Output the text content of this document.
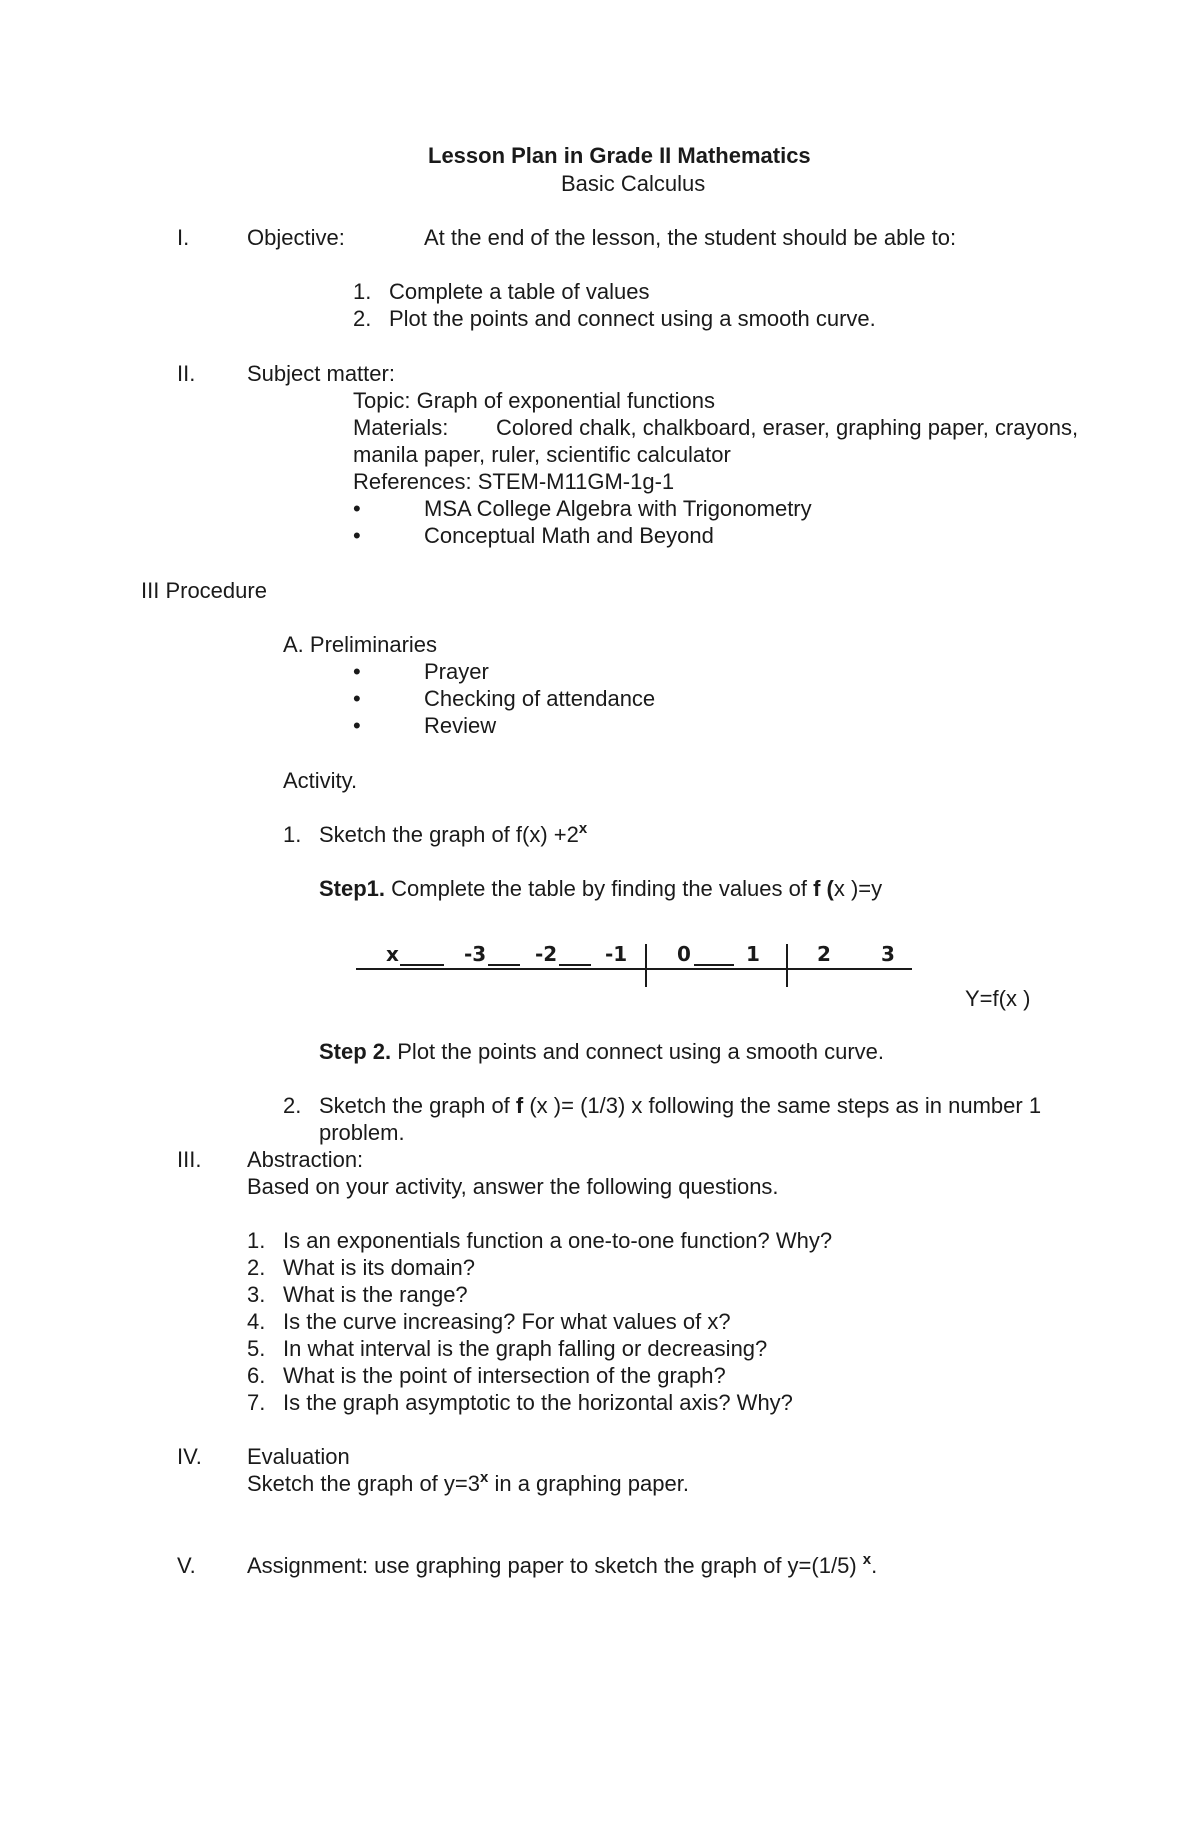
Lesson Plan in Grade II Mathematics
Basic Calculus
I.	Objective:	At the end of the lesson, the student should be able to:
1. Complete a table of values
2. Plot the points and connect using a smooth curve.
II. Subject matter:
Topic: Graph of exponential functions
Materials: Colored chalk, chalkboard, eraser, graphing paper, crayons,
manila paper, ruler, scientific calculator
References: STEM-M11GM-1g-1
•	MSA College Algebra with Trigonometry
•	Conceptual Math and Beyond
III Procedure
A. Preliminaries
•	Prayer
•	Checking of attendance
•	Review
Activity.
1. Sketch the graph of $f(x) +2^x$
Step1. Complete the table by finding the values of f (x )=y
x	-3 -2 -1 0	1	2	3
Y=f(x )
Step 2. Plot the points and connect using a smooth curve.
2. Sketch the graph of f (x )= (1/3) x following the same steps as in number 1
problem.
III. Abstraction:
Based on your activity, answer the following questions.
1. Is an exponentials function a one-to-one function? Why?
2. What is its domain?
3. What is the range?
4. Is the curve increasing? For what values of x?
5. In what interval is the graph falling or decreasing?
6. What is the point of intersection of the graph?
7. Is the graph asymptotic to the horizontal axis? Why?
IV. Evaluation
Sketch the graph of $y=3^x$ in a graphing paper.
V. Assignment: use graphing paper to sketch the graph of y=(1/5) $^x$.
